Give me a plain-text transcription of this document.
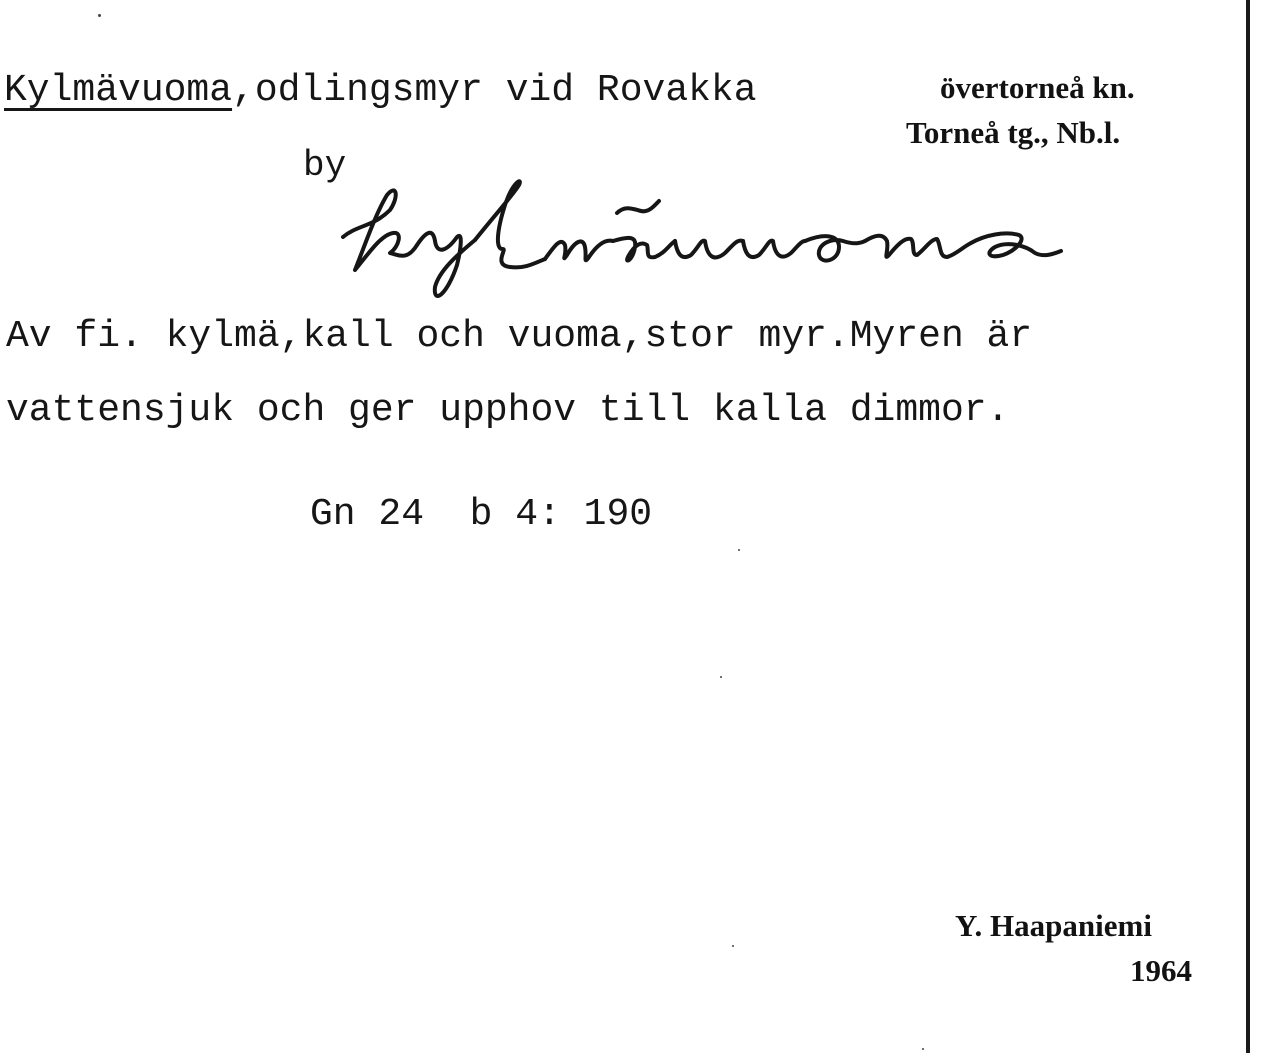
Kylmävuoma,odlingsmyr vid Rovakka	övertorneå kn.
Torneå tg., Nb.l.
by
Av fi. kylmä,kall och vuoma,stor myr.Myren är
vattensjuk och ger upphov till kalla dimmor.
Gn 24  b 4: 190
Y. Haapaniemi
1964
